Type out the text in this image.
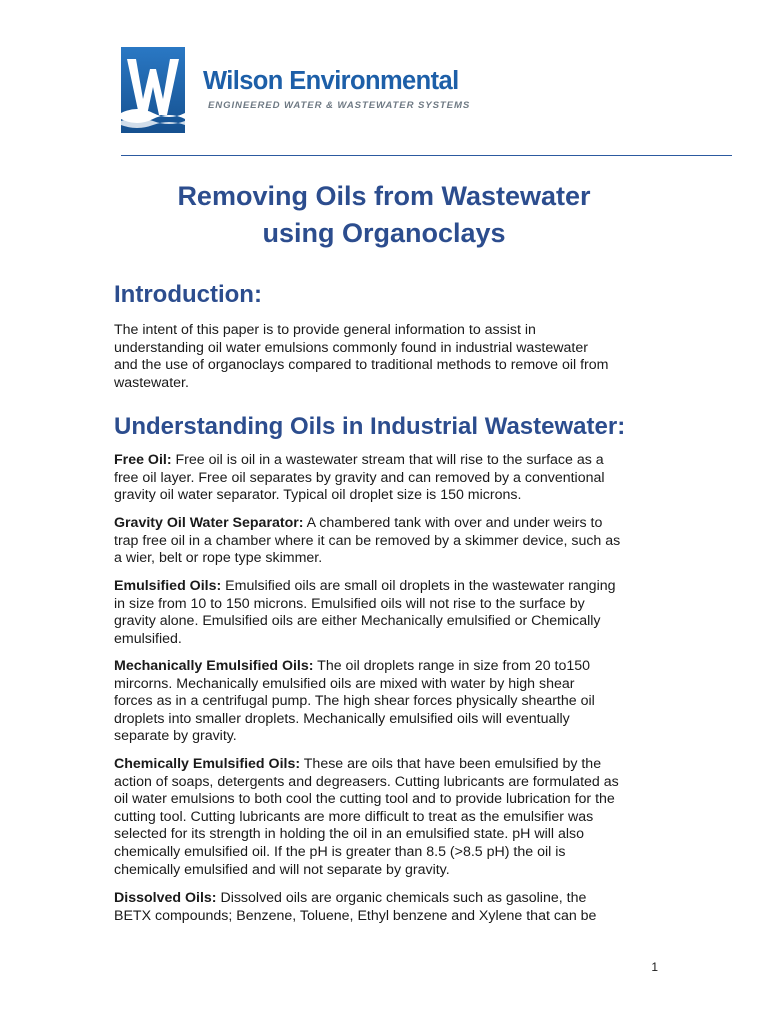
Wilson Environmental
ENGINEERED WATER & WASTEWATER SYSTEMS
Removing Oils from Wastewater
using Organoclays
Introduction:

The intent of this paper is to provide general information to assist in
understanding oil water emulsions commonly found in industrial wastewater
and the use of organoclays compared to traditional methods to remove oil from
wastewater.

Understanding Oils in Industrial Wastewater:

Free Oil: Free oil is oil in a wastewater stream that will rise to the surface as a
free oil layer. Free oil separates by gravity and can removed by a conventional
gravity oil water separator. Typical oil droplet size is 150 microns.

Gravity Oil Water Separator: A chambered tank with over and under weirs to
trap free oil in a chamber where it can be removed by a skimmer device, such as
a wier, belt or rope type skimmer.

Emulsified Oils: Emulsified oils are small oil droplets in the wastewater ranging
in size from 10 to 150 microns. Emulsified oils will not rise to the surface by
gravity alone. Emulsified oils are either Mechanically emulsified or Chemically
emulsified.

Mechanically Emulsified Oils: The oil droplets range in size from 20 to150
mircorns. Mechanically emulsified oils are mixed with water by high shear
forces as in a centrifugal pump. The high shear forces physically shearthe oil
droplets into smaller droplets. Mechanically emulsified oils will eventually
separate by gravity.

Chemically Emulsified Oils: These are oils that have been emulsified by the
action of soaps, detergents and degreasers. Cutting lubricants are formulated as
oil water emulsions to both cool the cutting tool and to provide lubrication for the
cutting tool. Cutting lubricants are more difficult to treat as the emulsifier was
selected for its strength in holding the oil in an emulsified state. pH will also
chemically emulsified oil. If the pH is greater than 8.5 (>8.5 pH) the oil is
chemically emulsified and will not separate by gravity.

Dissolved Oils: Dissolved oils are organic chemicals such as gasoline, the
BETX compounds; Benzene, Toluene, Ethyl benzene and Xylene that can be

1
